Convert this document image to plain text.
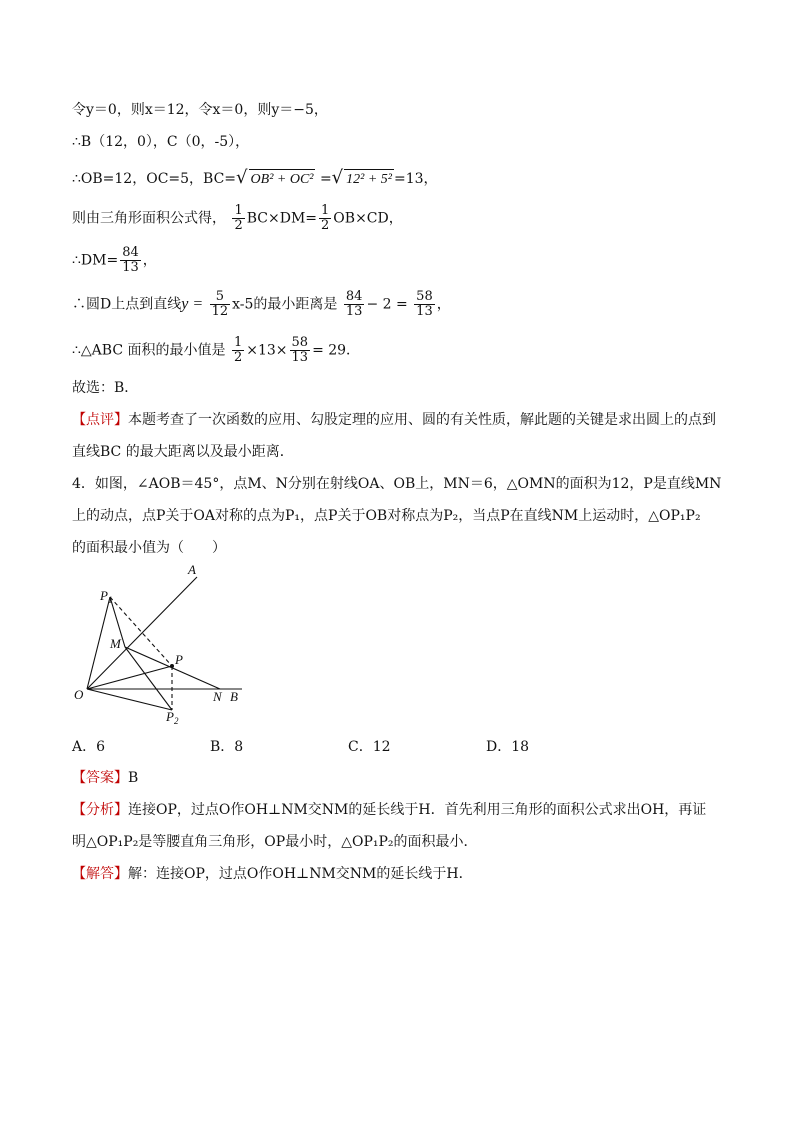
令y＝0，则x＝12，令x＝0，则y＝−5，
∴B（12，0），C（0，-5），
∴OB=12，OC=5，BC=√ OB² + OC² =√ 12² + 5² =13，
则由三角形面积公式得， $\frac{1}{2} BC\times DM= \frac{1}{2} OB\times CD$，
∴DM= $\frac{84}{13}$ ，
∴圆D上点到直线$y = \frac{5}{12} x-5$的最小距离是 $\frac{84}{13} - 2 = \frac{58}{13}$ ，
∴△ABC 面积的最小值是 $\frac{1}{2} \times 13\times \frac{58}{13} = 29$．
故选：B．
【点评】本题考查了一次函数的应用、勾股定理的应用、圆的有关性质，解此题的关键是求出圆上的点到
直线BC 的最大距离以及最小距离．
4．如图，∠AOB＝45°，点M、N分别在射线OA、OB上，MN＝6，△OMN的面积为12，P是直线MN
上的动点，点P关于OA对称的点为P₁，点P关于OB对称点为P₂，当点P在直线NM上运动时，△OP₁P₂
的面积最小值为（　　）
A
$P_1$
M
P
O	N B
$P_2$
A．6	B．8	C．12	D．18
【答案】B
【分析】连接OP，过点O作OH⊥NM交NM的延长线于H．首先利用三角形的面积公式求出OH，再证
明△OP₁P₂是等腰直角三角形，OP最小时，△OP₁P₂的面积最小．
【解答】解：连接OP，过点O作OH⊥NM交NM的延长线于H．
